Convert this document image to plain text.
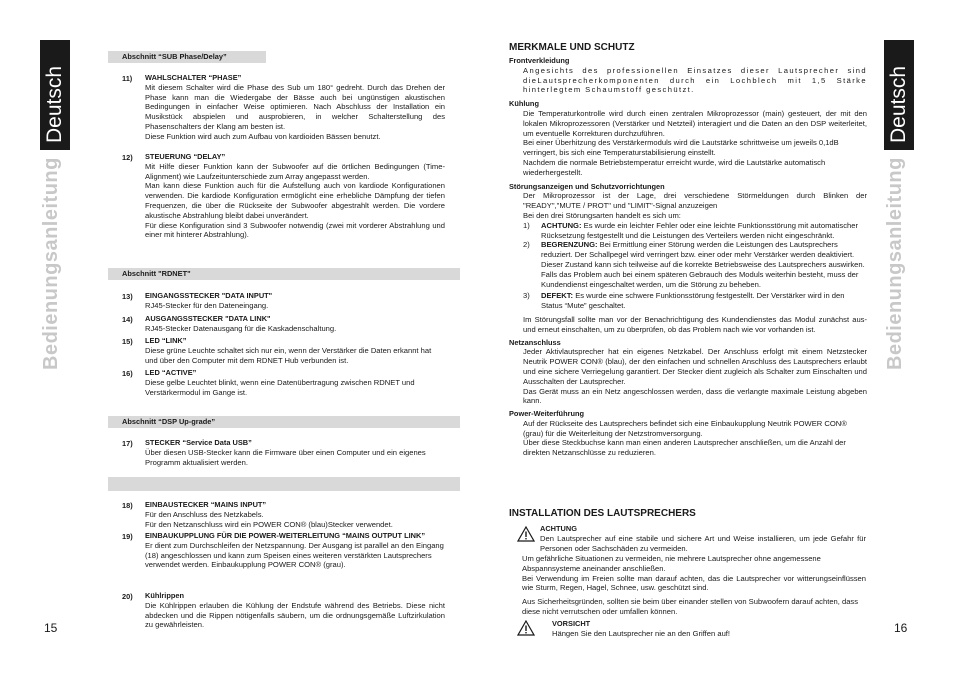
Deutsch
Bedienungsanleitung
15
Abschnitt “SUB Phase/Delay”
11) WAHLSCHALTER “PHASE”
Mit diesem Schalter wird die Phase des Sub um 180° gedreht. Durch das Drehen der Phase kann man die Wiedergabe der Bässe auch bei ungünstigen akustischen Bedingungen in einfacher Weise optimieren. Nach Abschluss der Installation ein Musikstück abspielen und ausprobieren, in welcher Schalterstellung des Phasenschalters der Klang am besten ist.
Diese Funktion wird auch zum Aufbau von kardioiden Bässen benutzt.
12) STEUERUNG “DELAY”
Mit Hilfe dieser Funktion kann der Subwoofer auf die örtlichen Bedingungen (Time-Alignment) wie Laufzeitunterschiede zum Array angepasst werden.
Man kann diese Funktion auch für die Aufstellung auch von kardiode Konfigurationen verwenden. Die kardiode Konfiguration ermöglicht eine erhebliche Dämpfung der tiefen Frequenzen, die über die Rückseite der Subwoofer abgestrahlt werden. Die vordere akustische Abstrahlung bleibt dabei unverändert.
Für diese Konfiguration sind 3 Subwoofer notwendig (zwei mit vorderer Abstrahlung und einer mit hinterer Abstrahlung).
Abschnitt "RDNET"
13) EINGANGSSTECKER "DATA INPUT"
RJ45-Stecker für den Dateneingang.
14) AUSGANGSSTECKER "DATA LINK"
RJ45-Stecker Datenausgang für die Kaskadenschaltung.
15) LED “LINK”
Diese grüne Leuchte schaltet sich nur ein, wenn der Verstärker die Daten erkannt hat und über den Computer mit dem RDNET Hub verbunden ist.
16) LED “ACTIVE”
Diese gelbe Leuchtet blinkt, wenn eine Datenübertragung zwischen RDNET und Verstärkermodul im Gange ist.
Abschnitt “DSP Up-grade”
17) STECKER “Service Data USB”
Über diesen USB-Stecker kann die Firmware über einen Computer und ein eigenes Programm aktualisiert werden.
18) EINBAUSTECKER “MAINS INPUT”
Für den Anschluss des Netzkabels.
Für den Netzanschluss wird ein POWER CON® (blau)Stecker verwendet.
19) EINBAUKUPPLUNG FÜR DIE POWER-WEITERLEITUNG “MAINS OUTPUT LINK”
Er dient zum Durchschleifen der Netzspannung. Der Ausgang ist parallel an den Eingang (18) angeschlossen und kann zum Speisen eines weiteren verstärkten Lautsprechers verwendet werden. Einbaukupplung POWER CON® (grau).
20) Kühlrippen
Die Kühlrippen erlauben die Kühlung der Endstufe während des Betriebs. Diese nicht abdecken und die Rippen nötigenfalls säubern, um die ordnungsgemäße Luftzirkulation zu gewährleisten.
Deutsch
Bedienungsanleitung
16
MERKMALE UND SCHUTZ
Frontverkleidung
Angesichts des professionellen Einsatzes dieser Lautsprecher sind dieLautsprecherkomponenten durch ein Lochblech mit 1,5 Stärke hinterlegtem Schaumstoff geschützt.
Kühlung
Die Temperaturkontrolle wird durch einen zentralen Mikroprozessor (main) gesteuert, der mit den lokalen Mikroprozessoren (Verstärker und Netzteil) interagiert und die Daten an den DSP weiterleitet, um eventuelle Korrekturen durchzuführen.
Bei einer Überhitzung des Verstärkermoduls wird die Lautstärke schrittweise um jeweils 0,1dB verringert, bis sich eine Temperaturstabilisierung einstellt.
Nachdem die normale Betriebstemperatur erreicht wurde, wird die Lautstärke automatisch wiederhergestellt.
Störungsanzeigen und Schutzvorrichtungen
Der Mikroprozessor ist der Lage, drei verschiedene Störmeldungen durch Blinken der "READY","MUTE / PROT" und "LIMIT"-Signal anzuzeigen
Bei den drei Störungsarten handelt es sich um:
1) ACHTUNG: Es wurde ein leichter Fehler oder eine leichte Funktionsstörung mit automatischer Rücksetzung festgestellt und die Leistungen des Verteilers werden nicht eingeschränkt.
2) BEGRENZUNG: Bei Ermittlung einer Störung werden die Leistungen des Lautsprechers reduziert. Der Schallpegel wird verringert bzw. einer oder mehr Verstärker werden deaktiviert. Dieser Zustand kann sich teilweise auf die korrekte Betriebsweise des Lautsprechers auswirken.
Falls das Problem auch bei einem späteren Gebrauch des Moduls weiterhin besteht, muss der Kundendienst eingeschaltet werden, um die Störung zu beheben.
3) DEFEKT: Es wurde eine schwere Funktionsstörung festgestellt. Der Verstärker wird in den Status “Mute” geschaltet.
Im Störungsfall sollte man vor der Benachrichtigung des Kundendienstes das Modul zunächst aus- und erneut einschalten, um zu überprüfen, ob das Problem nach wie vor vorhanden ist.
Netzanschluss
Jeder Aktivlautsprecher hat ein eigenes Netzkabel. Der Anschluss erfolgt mit einem Netzstecker Neutrik POWER CON® (blau), der den einfachen und schnellen Anschluss des Lautsprechers erlaubt und eine sichere Verriegelung garantiert. Der Stecker dient zugleich als Schalter zum Einschalten und Ausschalten der Lautsprecher.
Das Gerät muss an ein Netz angeschlossen werden, dass die verlangte maximale Leistung abgeben kann.
Power-Weiterführung
Auf der Rückseite des Lautsprechers befindet sich eine Einbaukupplung Neutrik POWER CON® (grau) für die Weiterleitung der Netzstromversorgung.
Über diese Steckbuchse kann man einen anderen Lautsprecher anschließen, um die Anzahl der direkten Netzanschlüsse zu reduzieren.
INSTALLATION DES LAUTSPRECHERS
ACHTUNG
Den Lautsprecher auf eine stabile und sichere Art und Weise installieren, um jede Gefahr für Personen oder Sachschäden zu vermeiden.
Um gefährliche Situationen zu vermeiden, nie mehrere Lautsprecher ohne angemessene Abspannsysteme aneinander anschließen.
Bei Verwendung im Freien sollte man darauf achten, das die Lautsprecher vor witterungseinflüssen wie Sturm, Regen, Hagel, Schnee, usw. geschützt sind.
Aus Sicherheitsgründen, sollten sie beim über einander stellen von Subwoofern darauf achten, dass diese nicht verrutschen oder umfallen können.
VORSICHT
Hängen Sie den Lautsprecher nie an den Griffen auf!
